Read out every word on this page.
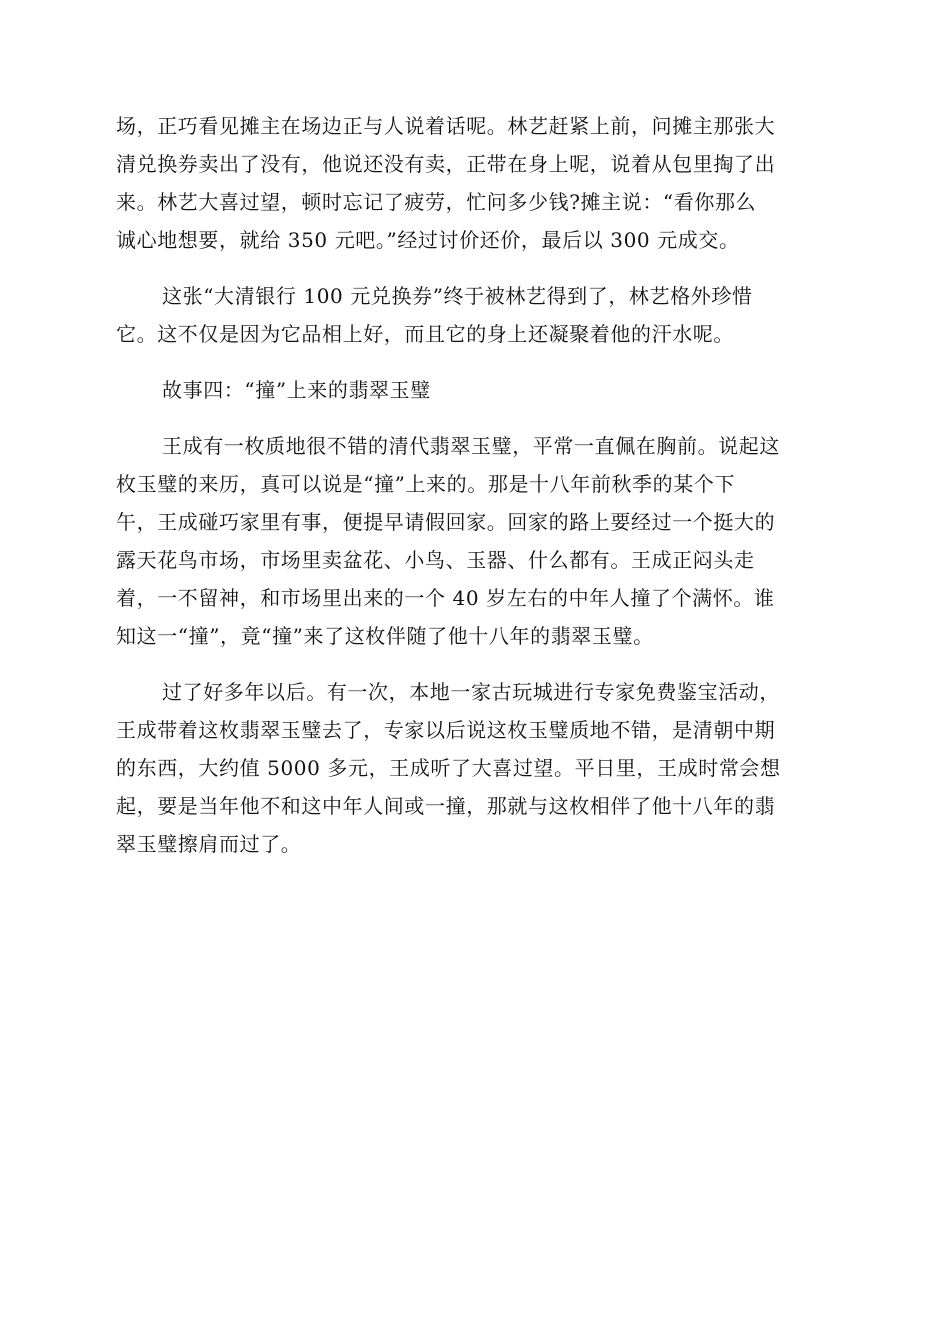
场，正巧看见摊主在场边正与人说着话呢。林艺赶紧上前，问摊主那张大
清兑换券卖出了没有，他说还没有卖，正带在身上呢，说着从包里掏了出
来。林艺大喜过望，顿时忘记了疲劳，忙问多少钱?摊主说：“看你那么
诚心地想要，就给 350 元吧。”经过讨价还价，最后以 300 元成交。
这张“大清银行 100 元兑换券”终于被林艺得到了，林艺格外珍惜
它。这不仅是因为它品相上好，而且它的身上还凝聚着他的汗水呢。
故事四：“撞”上来的翡翠玉璧
王成有一枚质地很不错的清代翡翠玉璧，平常一直佩在胸前。说起这
枚玉璧的来历，真可以说是“撞”上来的。那是十八年前秋季的某个下
午，王成碰巧家里有事，便提早请假回家。回家的路上要经过一个挺大的
露天花鸟市场，市场里卖盆花、小鸟、玉器、什么都有。王成正闷头走
着，一不留神，和市场里出来的一个 40 岁左右的中年人撞了个满怀。谁
知这一“撞”，竟“撞”来了这枚伴随了他十八年的翡翠玉璧。
过了好多年以后。有一次，本地一家古玩城进行专家免费鉴宝活动，
王成带着这枚翡翠玉璧去了，专家以后说这枚玉璧质地不错，是清朝中期
的东西，大约值 5000 多元，王成听了大喜过望。平日里，王成时常会想
起，要是当年他不和这中年人间或一撞，那就与这枚相伴了他十八年的翡
翠玉璧擦肩而过了。
